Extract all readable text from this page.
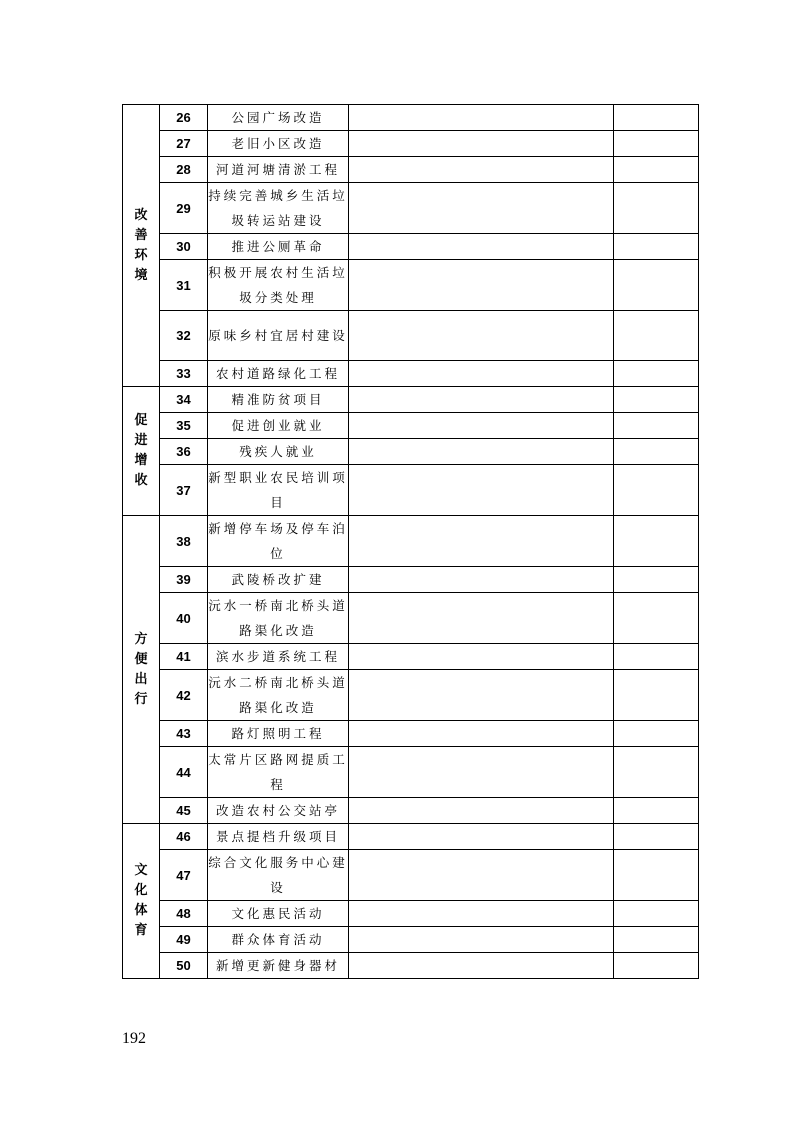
改善环境	26	公园广场改造		
	27	老旧小区改造		
	28	河道河塘清淤工程		
	29	持续完善城乡生活垃圾转运站建设		
	30	推进公厕革命		
	31	积极开展农村生活垃圾分类处理		
	32	原味乡村宜居村建设		
	33	农村道路绿化工程		
促进增收	34	精准防贫项目		
	35	促进创业就业		
	36	残疾人就业		
	37	新型职业农民培训项目		
方便出行	38	新增停车场及停车泊位		
	39	武陵桥改扩建		
	40	沅水一桥南北桥头道路渠化改造		
	41	滨水步道系统工程		
	42	沅水二桥南北桥头道路渠化改造		
	43	路灯照明工程		
	44	太常片区路网提质工程		
	45	改造农村公交站亭		
文化体育	46	景点提档升级项目		
	47	综合文化服务中心建设		
	48	文化惠民活动		
	49	群众体育活动		
	50	新增更新健身器材		
192
